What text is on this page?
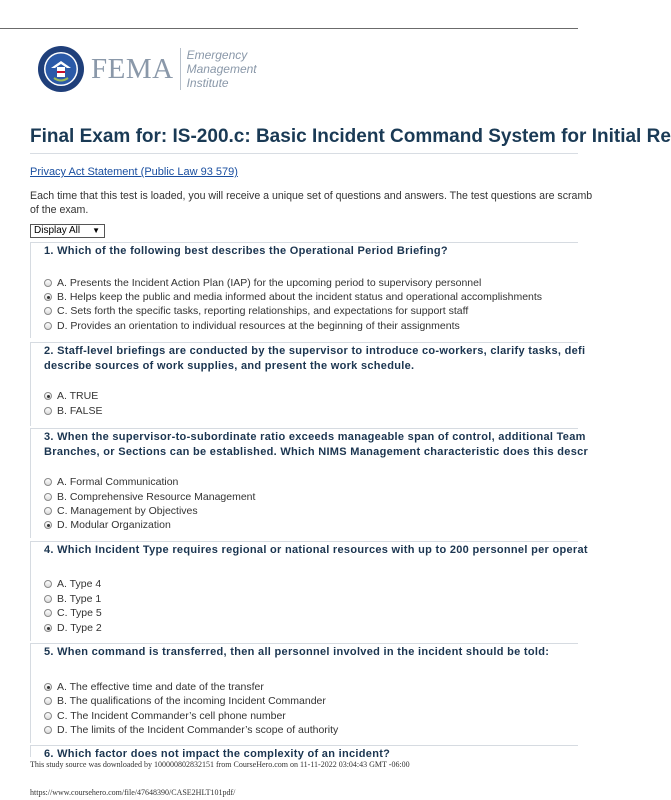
FEMA Emergency
Management
Institute
Final Exam for: IS-200.c: Basic Incident Command System for Initial Re
Privacy Act Statement (Public Law 93 579)
Each time that this test is loaded, you will receive a unique set of questions and answers. The test questions are scramb
of the exam.
Display All ▼
1. Which of the following best describes the Operational Period Briefing?
A. Presents the Incident Action Plan (IAP) for the upcoming period to supervisory personnel
B. Helps keep the public and media informed about the incident status and operational accomplishments
C. Sets forth the specific tasks, reporting relationships, and expectations for support staff
D. Provides an orientation to individual resources at the beginning of their assignments
2. Staff-level briefings are conducted by the supervisor to introduce co-workers, clarify tasks, defi
describe sources of work supplies, and present the work schedule.
A. TRUE
B. FALSE
3. When the supervisor-to-subordinate ratio exceeds manageable span of control, additional Team
Branches, or Sections can be established. Which NIMS Management characteristic does this descr
A. Formal Communication
B. Comprehensive Resource Management
C. Management by Objectives
D. Modular Organization
4. Which Incident Type requires regional or national resources with up to 200 personnel per operat
A. Type 4
B. Type 1
C. Type 5
D. Type 2
5. When command is transferred, then all personnel involved in the incident should be told:
A. The effective time and date of the transfer
B. The qualifications of the incoming Incident Commander
C. The Incident Commander’s cell phone number
D. The limits of the Incident Commander’s scope of authority
6. Which factor does not impact the complexity of an incident?
This study source was downloaded by 100000802832151 from CourseHero.com on 11-11-2022 03:04:43 GMT -06:00
https://www.coursehero.com/file/47648390/CASE2HLT101pdf/
